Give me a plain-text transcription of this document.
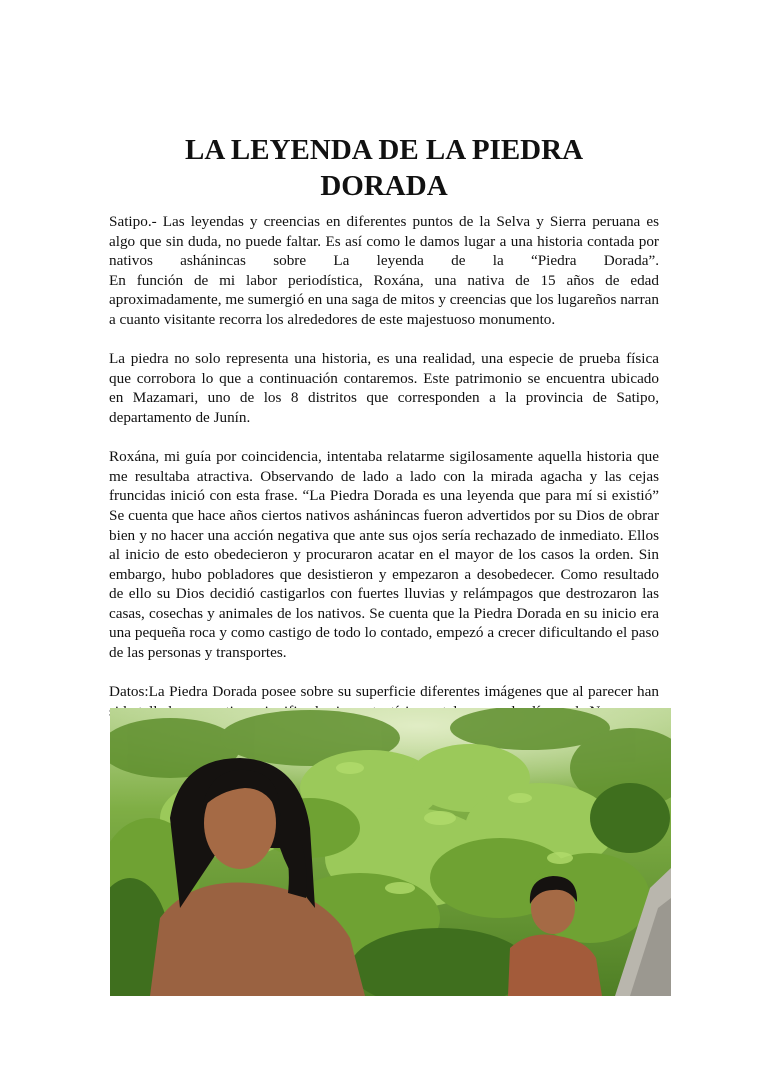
LA LEYENDA DE LA PIEDRA
DORADA

Satipo.- Las leyendas y creencias en diferentes puntos de la Selva y Sierra peruana es
algo que sin duda, no puede faltar. Es así como le damos lugar a una historia contada por
nativos ashánincas sobre La leyenda de la “Piedra Dorada”.
En función de mi labor periodística, Roxána, una nativa de 15 años de edad
aproximadamente, me sumergió en una saga de mitos y creencias que los lugareños narran
a cuanto visitante recorra los alrededores de este majestuoso monumento.

La piedra no solo representa una historia, es una realidad, una especie de prueba física
que corrobora lo que a continuación contaremos. Este patrimonio se encuentra ubicado
en Mazamari, uno de los 8 distritos que corresponden a la provincia de Satipo,
departamento de Junín.

Roxána, mi guía por coincidencia, intentaba relatarme sigilosamente aquella historia que
me resultaba atractiva. Observando de lado a lado con la mirada agacha y las cejas
fruncidas inició con esta frase. “La Piedra Dorada es una leyenda que para mí si existió”
Se cuenta que hace años ciertos nativos ashánincas fueron advertidos por su Dios de obrar
bien y no hacer una acción negativa que ante sus ojos sería rechazado de inmediato. Ellos
al inicio de esto obedecieron y procuraron acatar en el mayor de los casos la orden. Sin
embargo, hubo pobladores que desistieron y empezaron a desobedecer. Como resultado
de ello su Dios decidió castigarlos con fuertes lluvias y relámpagos que destrozaron las
casas, cosechas y animales de los nativos. Se cuenta que la Piedra Dorada en su inicio era
una pequeña roca y como castigo de todo lo contado, empezó a crecer dificultando el paso
de las personas y transportes.

Datos:La Piedra Dorada posee sobre su superficie diferentes imágenes que al parecer han
